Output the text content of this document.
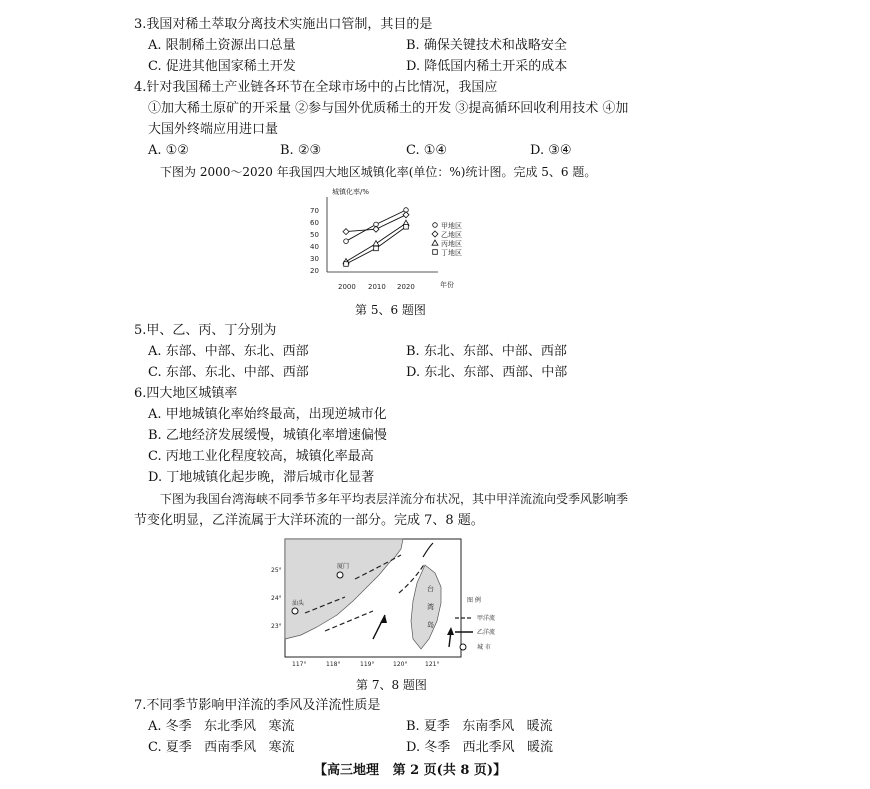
3.我国对稀土萃取分离技术实施出口管制，其目的是
A. 限制稀土资源出口总量	B. 确保关键技术和战略安全
C. 促进其他国家稀土开发	D. 降低国内稀土开采的成本
4.针对我国稀土产业链各环节在全球市场中的占比情况，我国应
①加大稀土原矿的开采量 ②参与国外优质稀土的开发 ③提高循环回收利用技术 ④加
大国外终端应用进口量
A. ①②	B. ②③	C. ①④	D. ③④
下图为 2000～2020 年我国四大地区城镇化率(单位：%)统计图。完成 5、6 题。
城镇化率/%
70
60
50
40
30
20
2000 2010 2020	年份
甲地区
乙地区
丙地区
丁地区
第 5、6 题图
5.甲、乙、丙、丁分别为
A. 东部、中部、东北、西部	B. 东北、东部、中部、西部
C. 东部、东北、中部、西部	D. 东北、东部、西部、中部
6.四大地区城镇率
A. 甲地城镇化率始终最高，出现逆城市化
B. 乙地经济发展缓慢，城镇化率增速偏慢
C. 丙地工业化程度较高，城镇化率最高
D. 丁地城镇化起步晚，滞后城市化显著
下图为我国台湾海峡不同季节多年平均表层洋流分布状况，其中甲洋流流向受季风影响季
节变化明显，乙洋流属于大洋环流的一部分。完成 7、8 题。
厦门
汕头
台
湾
岛
25°
24°
23°
117°	118°	119°	120°	121°
图 例
甲洋流
乙洋流
城 市
第 7、8 题图
7.不同季节影响甲洋流的季风及洋流性质是
A. 冬季   东北季风   寒流	B. 夏季   东南季风   暖流
C. 夏季   西南季风   寒流	D. 冬季   西北季风   暖流
【高三地理   第 2 页(共 8 页)】
